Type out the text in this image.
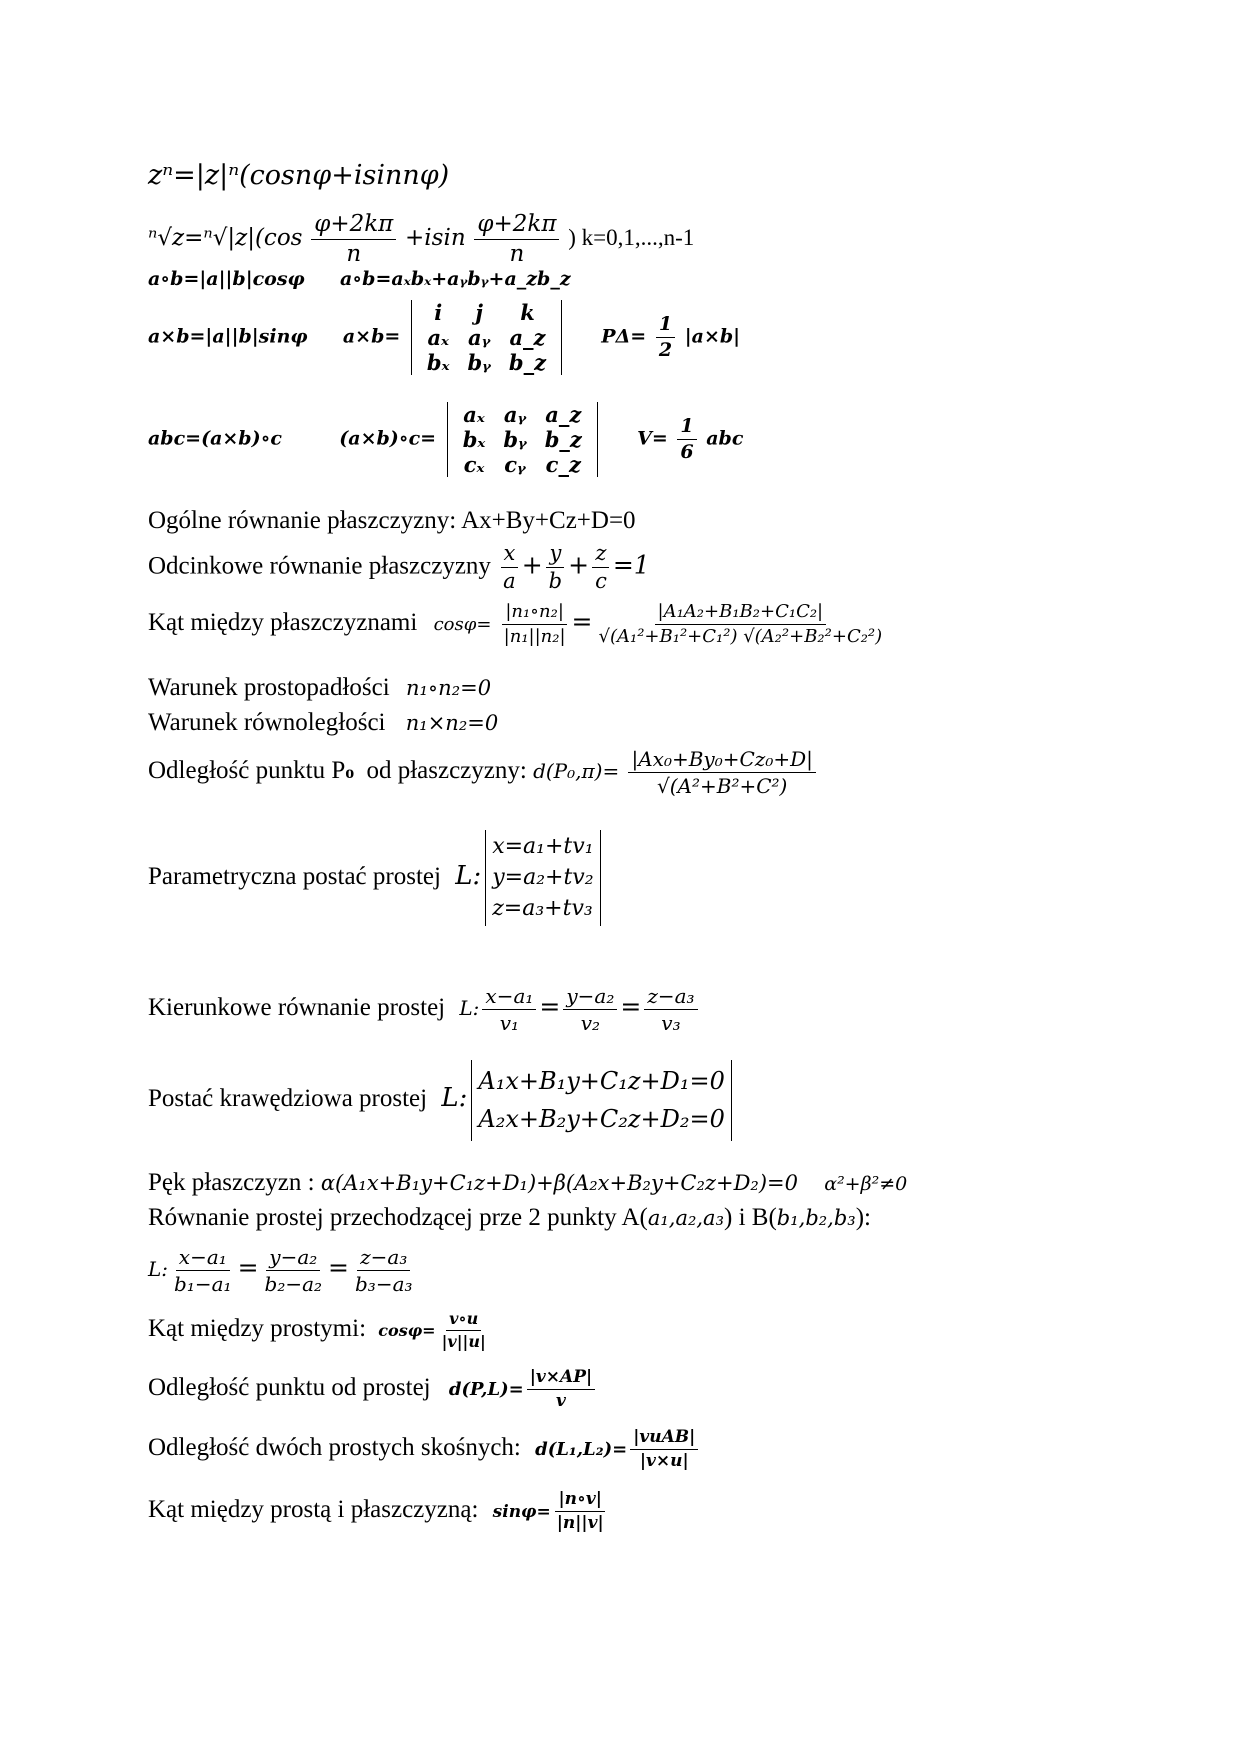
zⁿ=|z|ⁿ(cosnφ+isinnφ)
$^n√z=^n√|z|(\cos \frac{\varphi+2k\pi}{n} +isin \frac{\varphi+2k\pi}{n}$ ) k=0,1,...,n-1
a∘b=|a||b|cosφ a∘b=aₓbₓ+aᵧbᵧ+a_zb_z
a×b=|a||b|sinφ a×b=
i	j	k
aₓ	aᵧ	a_z
bₓ	bᵧ	b_z
$P\Delta= \frac{1}{2} |a\times b|$
abc=(a×b)∘c	(a×b)∘c=
aₓ	aᵧ	a_z
bₓ	bᵧ	b_z
cₓ	cᵧ	c_z
$V= \frac{1}{6}$ abc
Ogólne równanie płaszczyzny: Ax+By+Cz+D=0
Odcinkowe równanie płaszczyzny $\frac{x}{a} + \frac{y}{b} + \frac{z}{c} =1$
Kąt między płaszczyznami $\cos\varphi= \frac{\text{|n₁∘n₂|}}{\text{|n₁||n₂|}} = \frac{\text{|A₁A₂+B₁B₂+C₁C₂|}}{\text{√(A₁²+B₁²+C₁²) √(A₂²+B₂²+C₂²)}}$
Warunek prostopadłości n₁∘n₂=0
Warunek równoległości n₁×n₂=0
Odległość punktu Po od płaszczyzny: $d(P_0,\pi)= \frac{\text{|Ax₀+By₀+Cz₀+D|}}{\text{√(A²+B²+C²)}}$
Parametryczna postać prostej L:
x=a₁+tv₁
y=a₂+tv₂
z=a₃+tv₃
Kierunkowe równanie prostej L: $\frac{\text{x−a₁}}{\text{v₁}} = \frac{\text{y−a₂}}{\text{v₂}} = \frac{\text{z−a₃}}{\text{v₃}}$
Postać krawędziowa prostej L:
A₁x+B₁y+C₁z+D₁=0
A₂x+B₂y+C₂z+D₂=0
Pęk płaszczyzn : α(A₁x+B₁y+C₁z+D₁)+β(A₂x+B₂y+C₂z+D₂)=0 α²+β²≠0
Równanie prostej przechodzącej prze 2 punkty A(a₁,a₂,a₃) i B(b₁,b₂,b₃):
L: $\frac{\text{x−a₁}}{\text{b₁−a₁}} = \frac{\text{y−a₂}}{\text{b₂−a₂}} = \frac{\text{z−a₃}}{\text{b₃−a₃}}$
Kąt między prostymi: $\cos\varphi= \frac{v\circ u}{|v||u|}$
Odległość punktu od prostej $d(P,L)= \frac{|v\times AP|}{v}$
Odległość dwóch prostych skośnych: $d(L_1,L_2)= \frac{\text{|vuAB|}}{|v\times u|}$
Kąt między prostą i płaszczyzną: $\sin\varphi= \frac{|n\circ v|}{|n||v|}$
